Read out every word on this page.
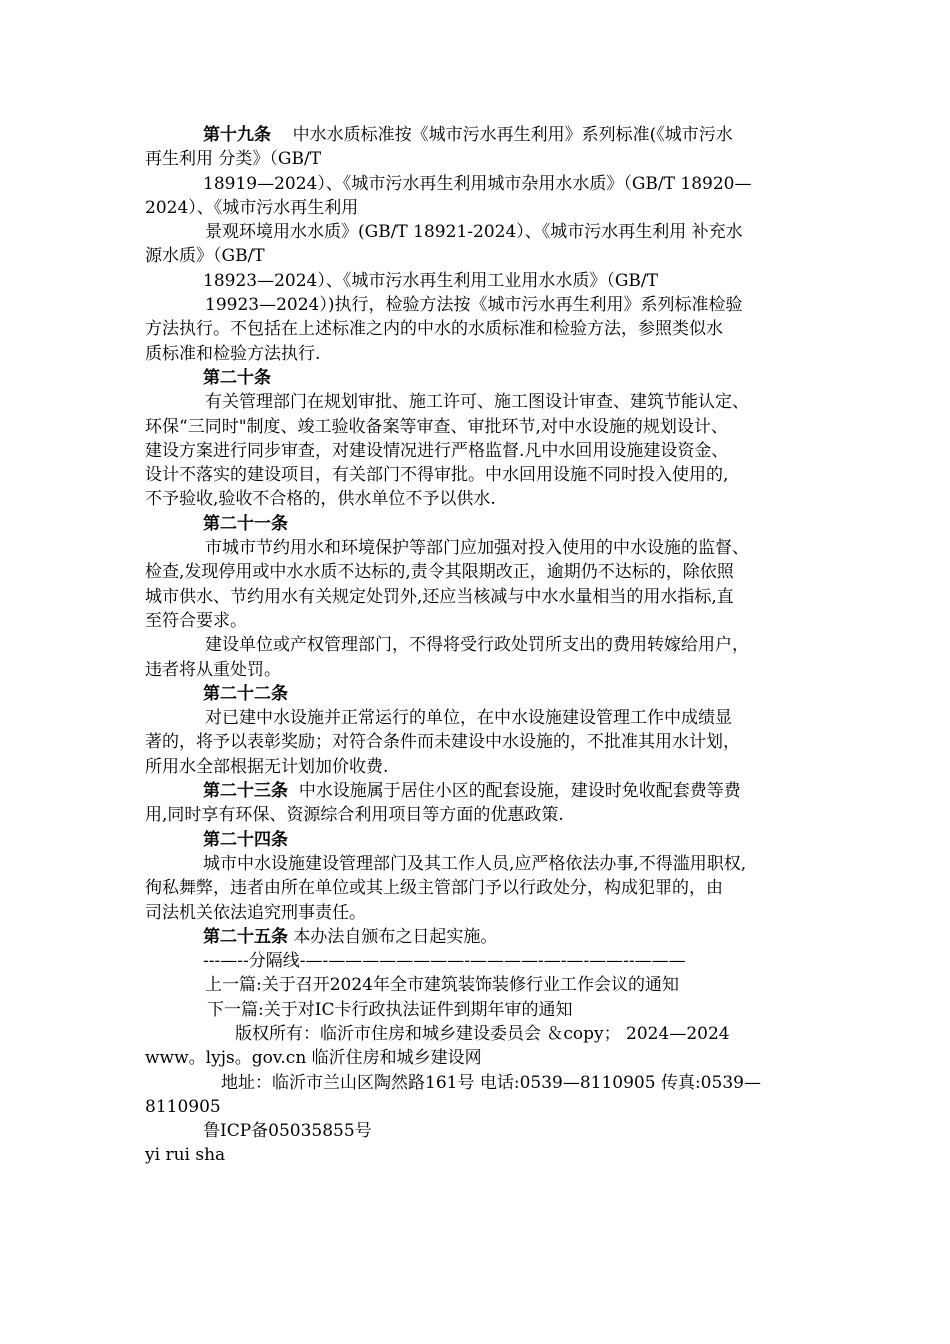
第十九条 中水水质标准按《城市污水再生利用》系列标准(《城市污水
再生利用 分类》（GB/T
18919—2024）、《城市污水再生利用城市杂用水水质》（GB/T 18920—
2024）、《城市污水再生利用
景观环境用水水质》(GB/T 18921-2024）、《城市污水再生利用 补充水
源水质》（GB/T
18923—2024）、《城市污水再生利用工业用水水质》（GB/T
19923—2024）)执行，检验方法按《城市污水再生利用》系列标准检验
方法执行。不包括在上述标准之内的中水的水质标准和检验方法，参照类似水
质标准和检验方法执行.
第二十条
有关管理部门在规划审批、施工许可、施工图设计审查、建筑节能认定、
环保“三同时"制度、竣工验收备案等审查、审批环节,对中水设施的规划设计、
建设方案进行同步审查，对建设情况进行严格监督.凡中水回用设施建设资金、
设计不落实的建设项目，有关部门不得审批。中水回用设施不同时投入使用的,
不予验收,验收不合格的，供水单位不予以供水.
第二十一条
市城市节约用水和环境保护等部门应加强对投入使用的中水设施的监督、
检查,发现停用或中水水质不达标的,责令其限期改正，逾期仍不达标的，除依照
城市供水、节约用水有关规定处罚外,还应当核减与中水水量相当的用水指标,直
至符合要求。
建设单位或产权管理部门，不得将受行政处罚所支出的费用转嫁给用户，
违者将从重处罚。
第二十二条
对已建中水设施并正常运行的单位，在中水设施建设管理工作中成绩显
著的，将予以表彰奖励；对符合条件而未建设中水设施的，不批准其用水计划，
所用水全部根据无计划加价收费.
第二十三条 中水设施属于居住小区的配套设施，建设时免收配套费等费
用,同时享有环保、资源综合利用项目等方面的优惠政策.
第二十四条
城市中水设施建设管理部门及其工作人员,应严格依法办事,不得滥用职权,
徇私舞弊，违者由所在单位或其上级主管部门予以行政处分，构成犯罪的，由
司法机关依法追究刑事责任。
第二十五条 本办法自颁布之日起实施。
---—--分隔线-—-————————-————-—-—-——--———
上一篇:关于召开2024年全市建筑装饰装修行业工作会议的通知
下一篇:关于对IC卡行政执法证件到期年审的通知
版权所有：临沂市住房和城乡建设委员会 ＆copy； 2024—2024
www。lyjs。gov.cn 临沂住房和城乡建设网
地址：临沂市兰山区陶然路161号 电话:0539—8110905 传真:0539—
8110905
鲁ICP备05035855号
yi rui sha
